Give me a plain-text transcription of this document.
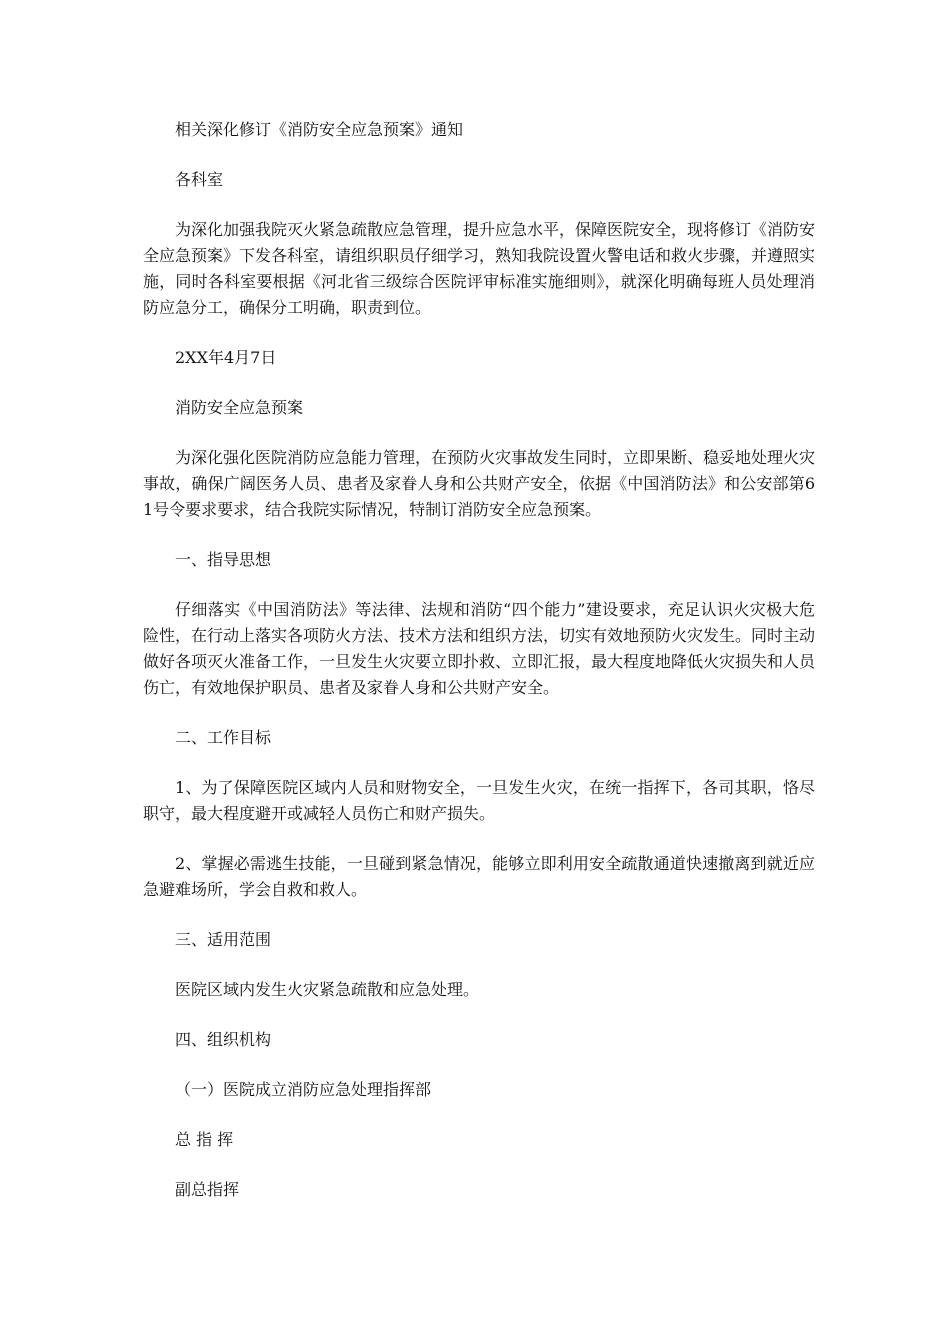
相关深化修订《消防安全应急预案》通知

各科室

为深化加强我院灭火紧急疏散应急管理，提升应急水平，保障医院安全，现将修订《消防安全应急预案》下发各科室，请组织职员仔细学习，熟知我院设置火警电话和救火步骤，并遵照实施，同时各科室要根据《河北省三级综合医院评审标准实施细则》，就深化明确每班人员处理消防应急分工，确保分工明确，职责到位。

2XX年4月7日

消防安全应急预案

为深化强化医院消防应急能力管理，在预防火灾事故发生同时，立即果断、稳妥地处理火灾事故，确保广阔医务人员、患者及家眷人身和公共财产安全，依据《中国消防法》和公安部第61号令要求要求，结合我院实际情况，特制订消防安全应急预案。

一、指导思想

仔细落实《中国消防法》等法律、法规和消防“四个能力”建设要求，充足认识火灾极大危险性，在行动上落实各项防火方法、技术方法和组织方法，切实有效地预防火灾发生。同时主动做好各项灭火准备工作，一旦发生火灾要立即扑救、立即汇报，最大程度地降低火灾损失和人员伤亡，有效地保护职员、患者及家眷人身和公共财产安全。

二、工作目标

1、为了保障医院区域内人员和财物安全，一旦发生火灾，在统一指挥下，各司其职，恪尽职守，最大程度避开或减轻人员伤亡和财产损失。

2、掌握必需逃生技能，一旦碰到紧急情况，能够立即利用安全疏散通道快速撤离到就近应急避难场所，学会自救和救人。

三、适用范围

医院区域内发生火灾紧急疏散和应急处理。

四、组织机构

（一）医院成立消防应急处理指挥部

总 指 挥

副总指挥
